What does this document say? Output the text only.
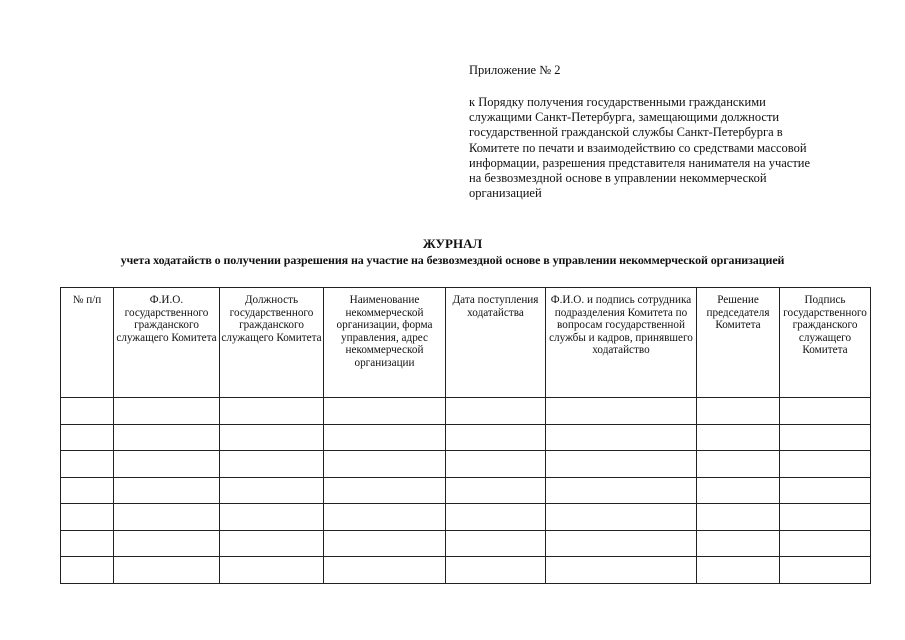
Приложение № 2
к Порядку получения государственными гражданскими
служащими Санкт-Петербурга, замещающими должности
государственной гражданской службы Санкт-Петербурга в
Комитете по печати и взаимодействию со средствами массовой
информации, разрешения представителя нанимателя на участие
на безвозмездной основе в управлении некоммерческой
организацией
ЖУРНАЛ
учета ходатайств о получении разрешения на участие на безвозмездной основе в управлении некоммерческой организацией
№ п/п	Ф.И.О. государственного гражданского служащего Комитета	Должность государственного гражданского служащего Комитета	Наименование некоммерческой организации, форма управления, адрес некоммерческой организации	Дата поступления ходатайства	Ф.И.О. и подпись сотрудника подразделения Комитета по вопросам государственной службы и кадров, принявшего ходатайство	Решение председателя Комитета	Подпись государственного гражданского служащего Комитета
